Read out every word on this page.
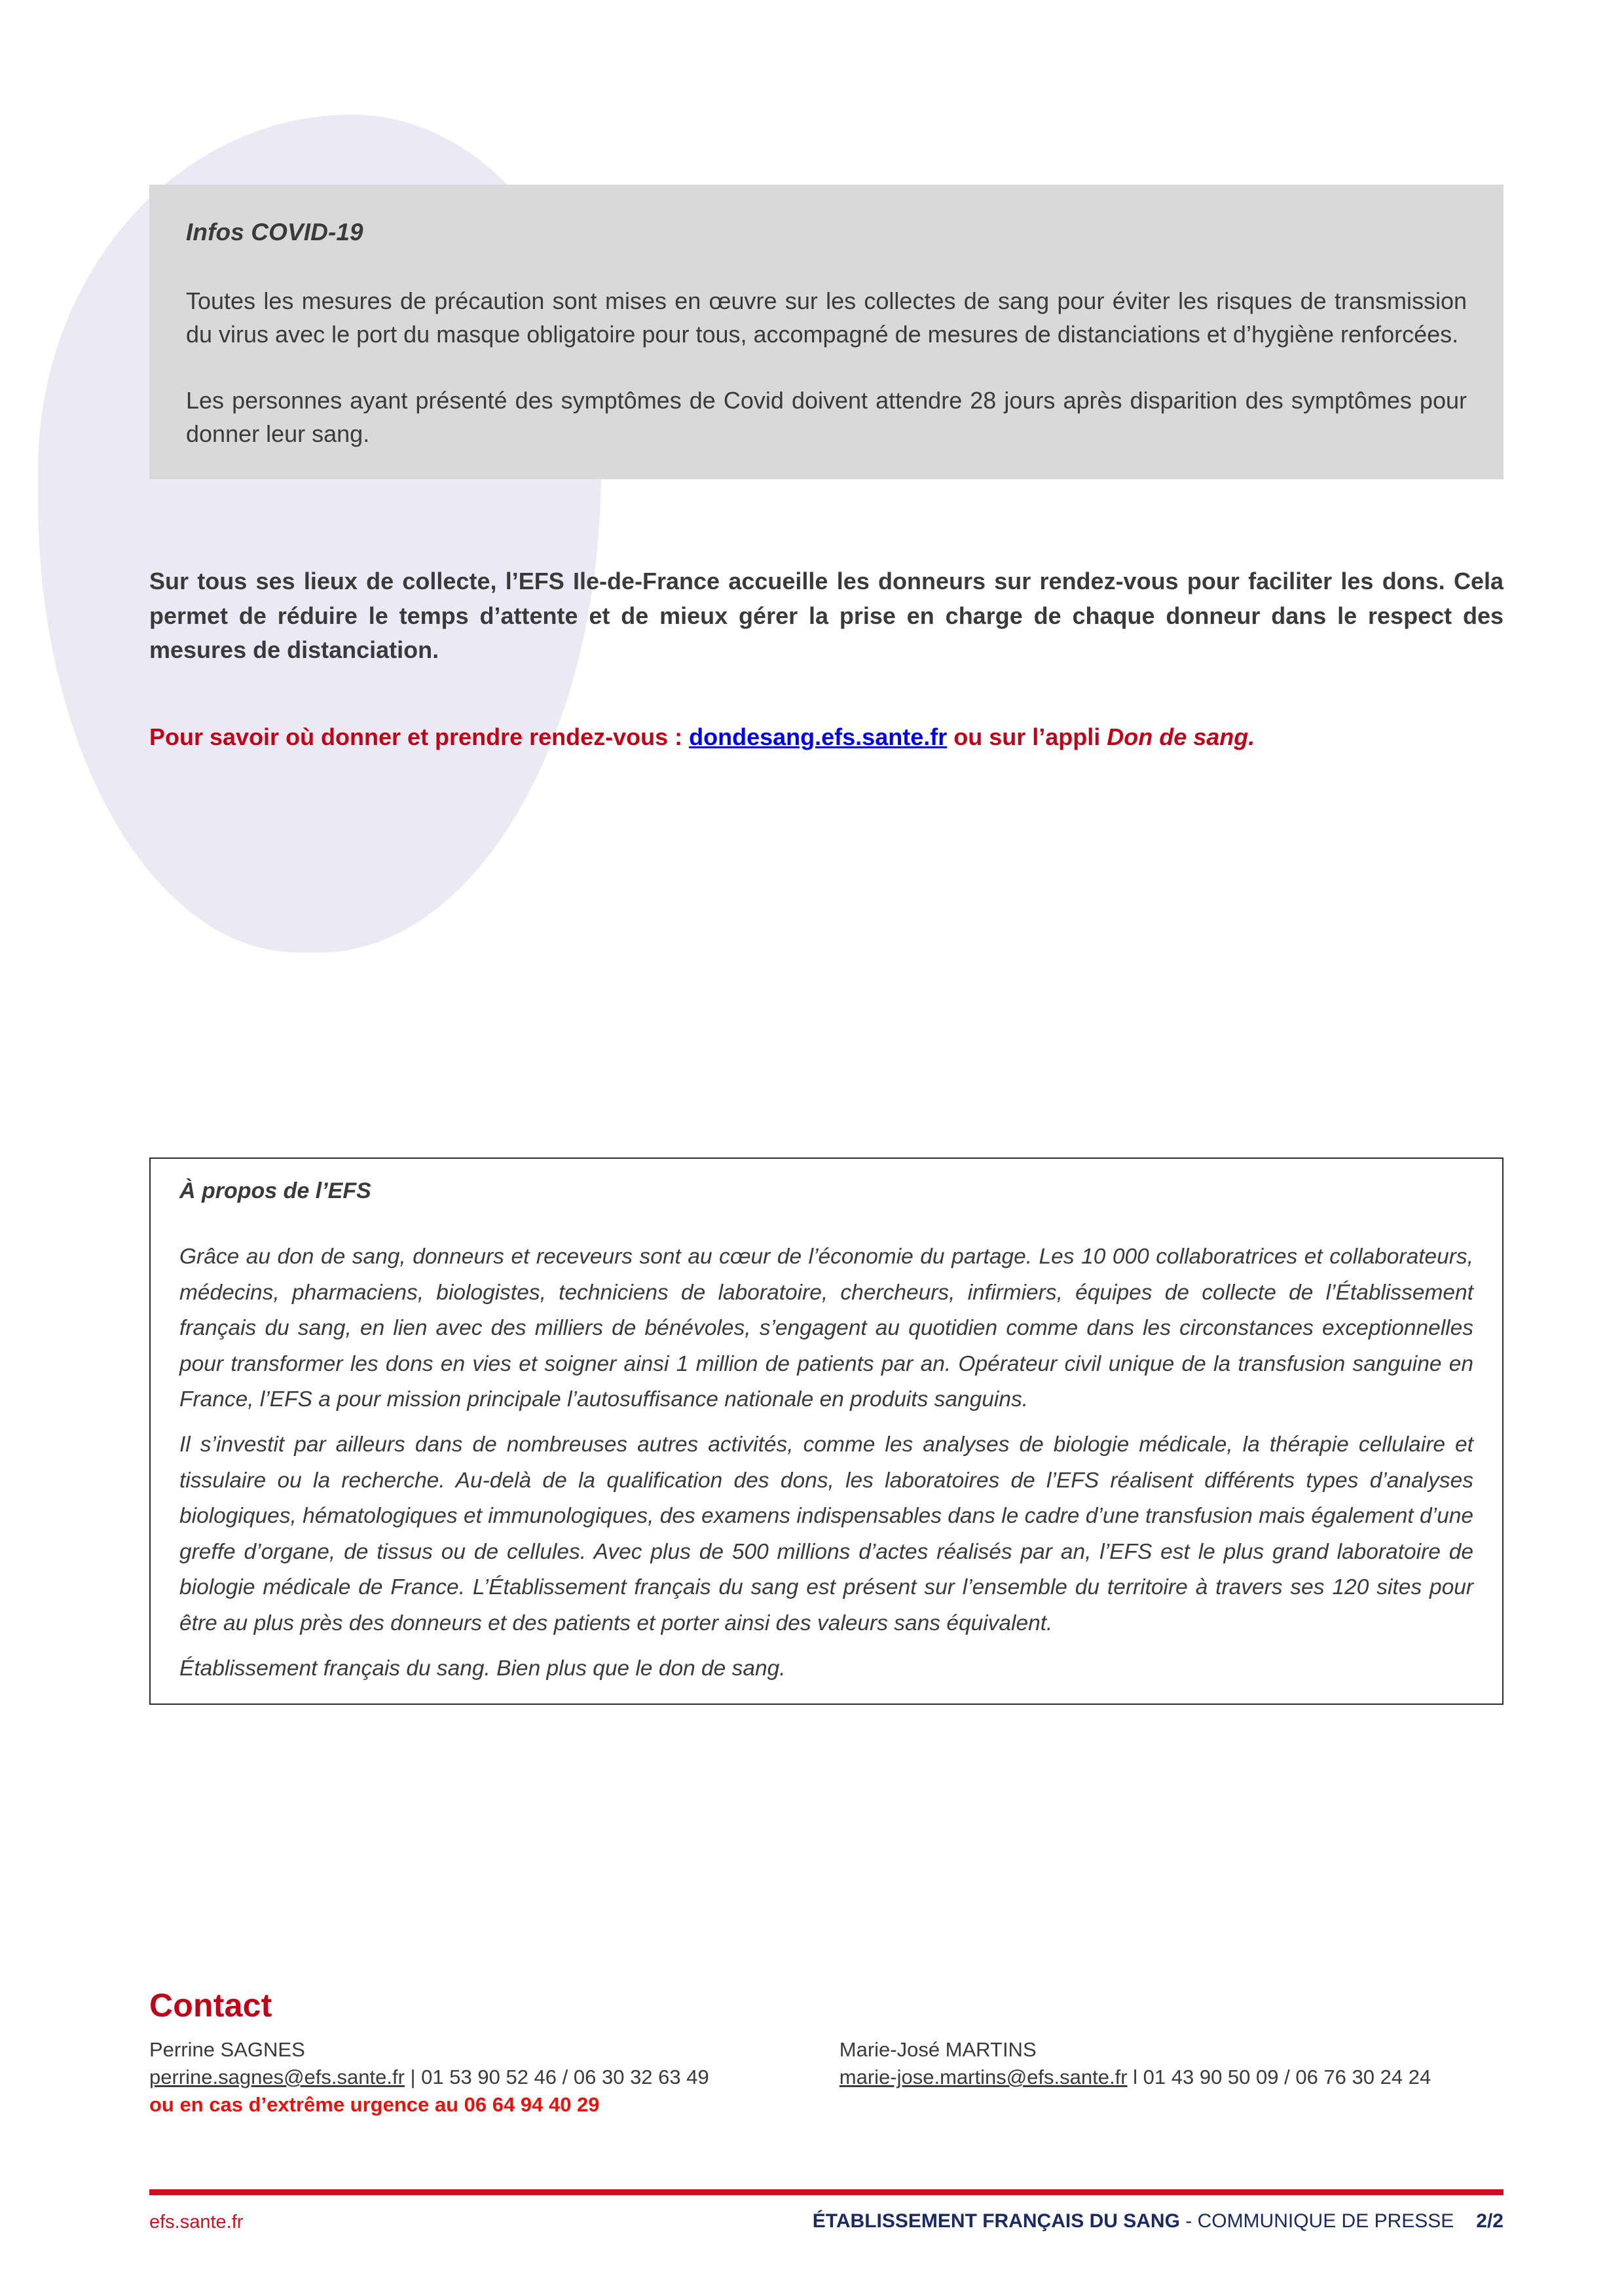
Infos COVID-19

Toutes les mesures de précaution sont mises en œuvre sur les collectes de sang pour éviter les risques de transmission du virus avec le port du masque obligatoire pour tous, accompagné de mesures de distanciations et d’hygiène renforcées.

Les personnes ayant présenté des symptômes de Covid doivent attendre 28 jours après disparition des symptômes pour donner leur sang.

Sur tous ses lieux de collecte, l’EFS Ile-de-France accueille les donneurs sur rendez-vous pour faciliter les dons. Cela permet de réduire le temps d’attente et de mieux gérer la prise en charge de chaque donneur dans le respect des mesures de distanciation.

Pour savoir où donner et prendre rendez-vous : dondesang.efs.sante.fr ou sur l’appli Don de sang.

À propos de l’EFS

Grâce au don de sang, donneurs et receveurs sont au cœur de l’économie du partage. Les 10 000 collaboratrices et collaborateurs, médecins, pharmaciens, biologistes, techniciens de laboratoire, chercheurs, infirmiers, équipes de collecte de l’Établissement français du sang, en lien avec des milliers de bénévoles, s’engagent au quotidien comme dans les circonstances exceptionnelles pour transformer les dons en vies et soigner ainsi 1 million de patients par an. Opérateur civil unique de la transfusion sanguine en France, l’EFS a pour mission principale l’autosuffisance nationale en produits sanguins.

Il s’investit par ailleurs dans de nombreuses autres activités, comme les analyses de biologie médicale, la thérapie cellulaire et tissulaire ou la recherche. Au-delà de la qualification des dons, les laboratoires de l’EFS réalisent différents types d’analyses biologiques, hématologiques et immunologiques, des examens indispensables dans le cadre d’une transfusion mais également d’une greffe d’organe, de tissus ou de cellules. Avec plus de 500 millions d’actes réalisés par an, l’EFS est le plus grand laboratoire de biologie médicale de France. L’Établissement français du sang est présent sur l’ensemble du territoire à travers ses 120 sites pour être au plus près des donneurs et des patients et porter ainsi des valeurs sans équivalent.

Établissement français du sang. Bien plus que le don de sang.

Contact
Perrine SAGNES
perrine.sagnes@efs.sante.fr | 01 53 90 52 46 / 06 30 32 63 49
ou en cas d’extrême urgence au 06 64 94 40 29
Marie-José MARTINS
marie-jose.martins@efs.sante.fr l 01 43 90 50 09 / 06 76 30 24 24
efs.sante.fr	ÉTABLISSEMENT FRANÇAIS DU SANG - COMMUNIQUE DE PRESSE 2/2
